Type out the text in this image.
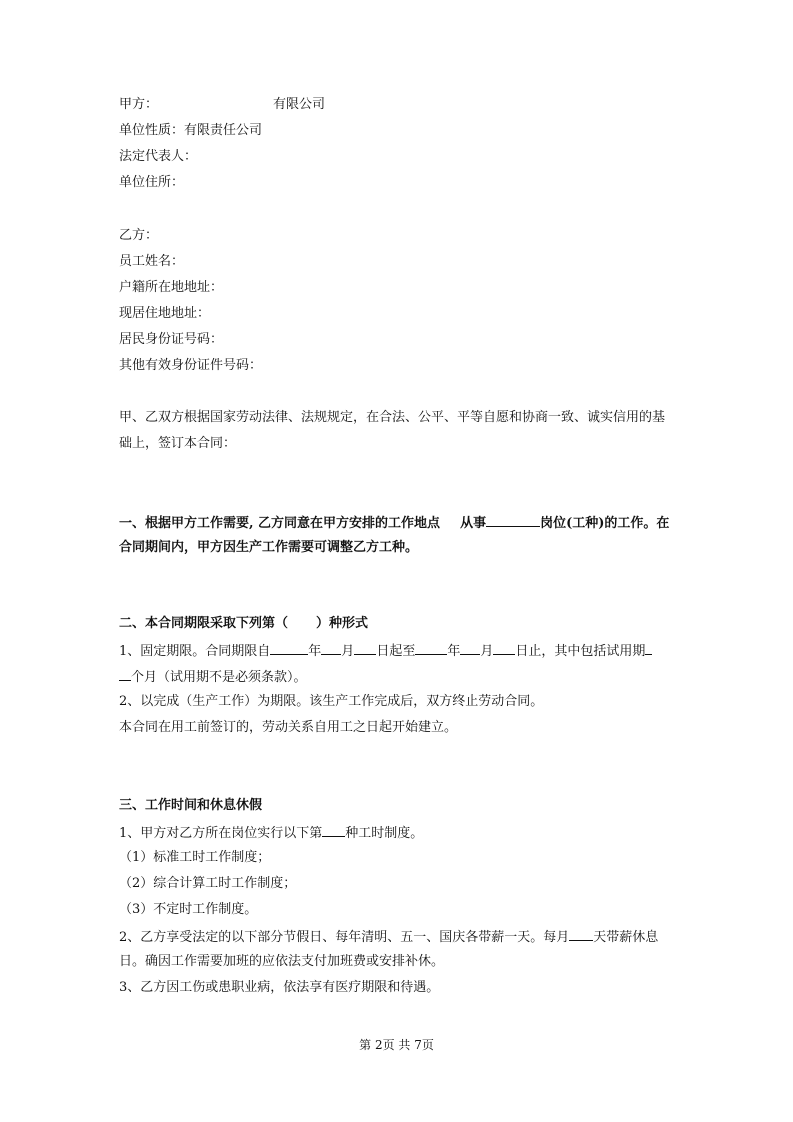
甲方：	有限公司
单位性质：有限责任公司
法定代表人：
单位住所：
乙方：
员工姓名：
户籍所在地地址：
现居住地地址：
居民身份证号码：
其他有效身份证件号码：
甲、乙双方根据国家劳动法律、法规规定，在合法、公平、平等自愿和协商一致、诚实信用的基
础上，签订本合同：
一、根据甲方工作需要, 乙方同意在甲方安排的工作地点 从事	岗位(工种)的工作。在
合同期间内，甲方因生产工作需要可调整乙方工种。
二、本合同期限采取下列第（ ）种形式
1、固定期限。合同期限自	年 月 日起至 年 月 日止，其中包括试用期
个月（试用期不是必须条款）。
2、以完成（生产工作）为期限。该生产工作完成后，双方终止劳动合同。
本合同在用工前签订的，劳动关系自用工之日起开始建立。
三、工作时间和休息休假
1、甲方对乙方所在岗位实行以下第 种工时制度。
（1）标准工时工作制度；
（2）综合计算工时工作制度；
（3）不定时工作制度。
2、乙方享受法定的以下部分节假日、每年清明、五一、国庆各带薪一天。每月 天带薪休息
日。确因工作需要加班的应依法支付加班费或安排补休。
3、乙方因工伤或患职业病，依法享有医疗期限和待遇。
第 2页 共 7页
